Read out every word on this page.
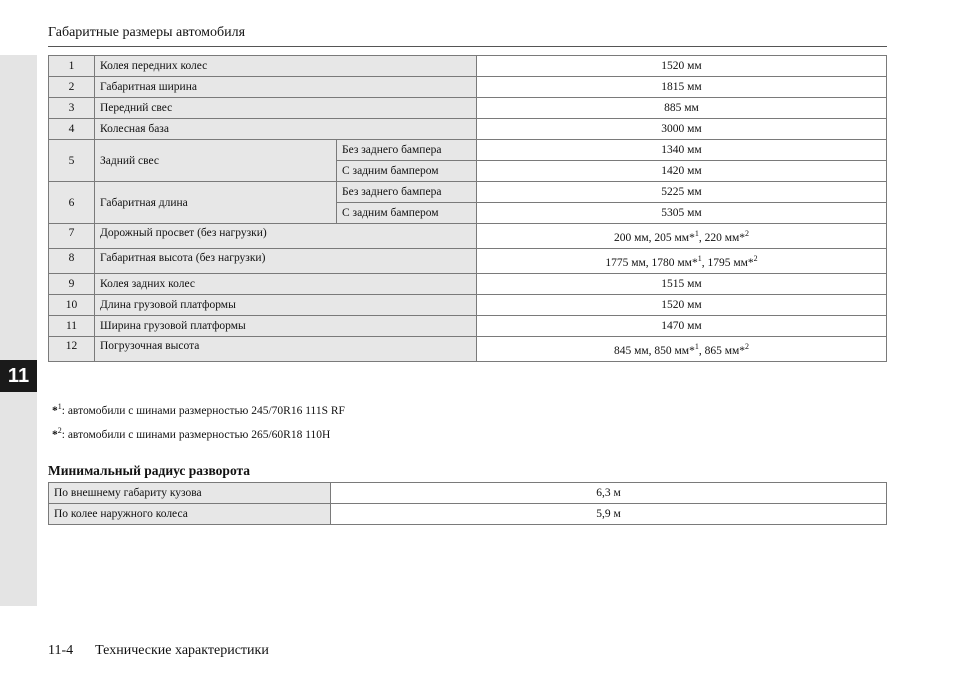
11
Габаритные размеры автомобиля
1	Колея передних колес		1520 мм
2	Габаритная ширина		1815 мм
3	Передний свес		885 мм
4	Колесная база		3000 мм
5	Задний свес	Без заднего бампера	1340 мм
		С задним бампером	1420 мм
6	Габаритная длина	Без заднего бампера	5225 мм
		С задним бампером	5305 мм
7	Дорожный просвет (без нагрузки)		200 мм, 205 мм*$^1$, 220 мм*$^2$
8	Габаритная высота (без нагрузки)		1775 мм, 1780 мм*$^1$, 1795 мм*$^2$
9	Колея задних колес		1515 мм
10	Длина грузовой платформы		1520 мм
11	Ширина грузовой платформы		1470 мм
12	Погрузочная высота		845 мм, 850 мм*$^1$, 865 мм*$^2$
*$^1$: автомобили с шинами размерностью 245/70R16 111S RF
*$^2$: автомобили с шинами размерностью 265/60R18 110H
Минимальный радиус разворота
По внешнему габариту кузова	6,3 м
По колее наружного колеса	5,9 м
11-4 Технические характеристики
